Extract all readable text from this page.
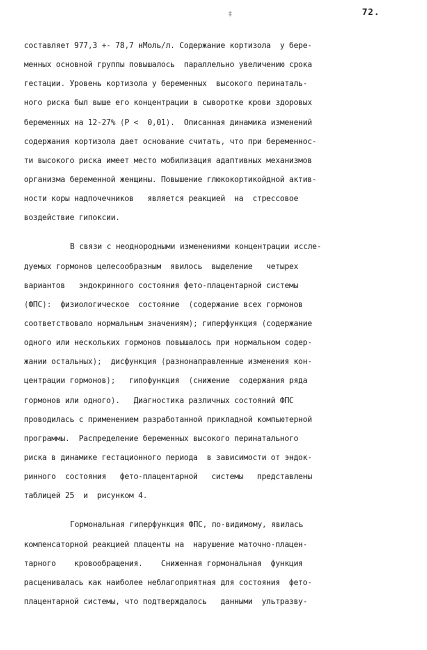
72.
‡
составляет 977,3 +- 78,7 нМоль/л. Содержание кортизола  у бере-
менных основной группы повышалось  параллельно увеличению срока
гестации. Уровень кортизола у беременных  высокого перинаталь-
ного риска был выше его концентрации в сыворотке крови здоровых
беременных на 12-27% (Р <  0,01).  Описанная динамика изменений
содержания кортизола дает основание считать, что при беременнос-
ти высокого риска имеет место мобилизация адаптивных механизмов
организма беременной женщины. Повышение глюкокортикойдной актив-
ности коры надпочечников   является реакцией  на  стрессовое
воздействие гипоксии.
В связи с неоднородными изменениями концентрации иссле-
дуемых гормонов целесообразным  явилось  выделение   четырех
вариантов   эндокринного состояния фето-плацентарной системы
(ФПС):  физиологическое  состояние  (содержание всех гормонов
соответствовало нормальным значениям); гиперфункция (содержание
одного или нескольких гормонов повышалось при нормальном содер-
жании остальных);  дисфункция (разнонаправленные изменения кон-
центрации гормонов);   гипофункция  (снижение  содержания ряда
гормонов или одного).   Диагностика различных состояний ФПС
проводилась с применением разработанной прикладной компьютерной
программы.  Распределение беременных высокого перинатального
риска в динамике гестационного периода  в зависимости от эндок-
ринного  состояния   фето-плацентарной   системы   представлены
таблицей 25  и  рисунком 4.
Гормональная гиперфункция ФПС, по-видимому, явилась
компенсаторной реакцией плаценты на  нарушение маточно-плацен-
тарного    кровообращения.    Сниженная гормональная  функция
расценивалась как наиболее неблагоприятная для состояния  фето-
плацентарной системы, что подтверждалось   данными  ультразву-
